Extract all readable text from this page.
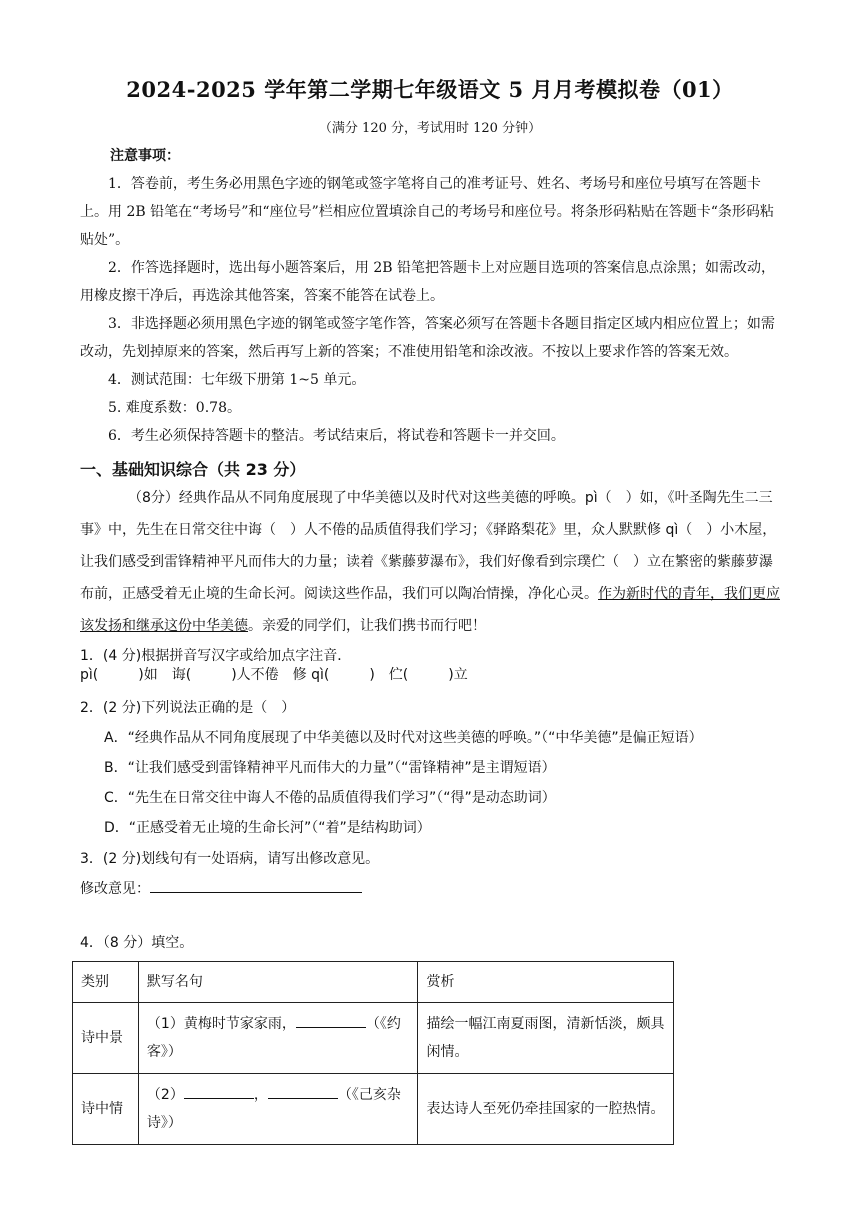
2024-2025 学年第二学期七年级语文 5 月月考模拟卷（01）
（满分 120 分，考试用时 120 分钟）
注意事项：
1．答卷前，考生务必用黑色字迹的钢笔或签字笔将自己的准考证号、姓名、考场号和座位号填写在答题卡上。用 2B 铅笔在“考场号”和“座位号”栏相应位置填涂自己的考场号和座位号。将条形码粘贴在答题卡“条形码粘贴处”。
2．作答选择题时，选出每小题答案后，用 2B 铅笔把答题卡上对应题目选项的答案信息点涂黑；如需改动，用橡皮擦干净后，再选涂其他答案，答案不能答在试卷上。
3．非选择题必须用黑色字迹的钢笔或签字笔作答，答案必须写在答题卡各题目指定区域内相应位置上；如需改动，先划掉原来的答案，然后再写上新的答案；不准使用铅笔和涂改液。不按以上要求作答的答案无效。
4．测试范围：七年级下册第 1~5 单元。
5. 难度系数：0.78。
6．考生必须保持答题卡的整洁。考试结束后，将试卷和答题卡一并交回。
一、基础知识综合（共 23 分）
（8分）经典作品从不同角度展现了中华美德以及时代对这些美德的呼唤。pì（　）如，《叶圣陶先生二三事》中，先生在日常交往中诲（　）人不倦的品质值得我们学习；《驿路梨花》里，众人默默修 qì（　）小木屋，让我们感受到雷锋精神平凡而伟大的力量；读着《紫藤萝瀑布》，我们好像看到宗璞伫（　）立在繁密的紫藤萝瀑布前，正感受着无止境的生命长河。阅读这些作品，我们可以陶冶情操，净化心灵。作为新时代的青年，我们更应该发扬和继承这份中华美德。亲爱的同学们，让我们携书而行吧！
1．(4 分)根据拼音写汉字或给加点字注音．
pì(	)如　诲(	)人不倦　修 qì(	)　伫(	)立
2．(2 分)下列说法正确的是（　）
A．“经典作品从不同角度展现了中华美德以及时代对这些美德的呼唤。”（“中华美德”是偏正短语）
B．“让我们感受到雷锋精神平凡而伟大的力量”（“雷锋精神”是主谓短语）
C．“先生在日常交往中诲人不倦的品质值得我们学习”（“得”是动态助词）
D．“正感受着无止境的生命长河”（“着”是结构助词）
3．(2 分)划线句有一处语病，请写出修改意见。
修改意见：
4．（8 分）填空。
类别	默写名句	赏析
诗中景	（1）黄梅时节家家雨， （《约客》）	描绘一幅江南夏雨图，清新恬淡，颇具闲情。
诗中情	（2） ， （《己亥杂诗》）	表达诗人至死仍牵挂国家的一腔热情。
